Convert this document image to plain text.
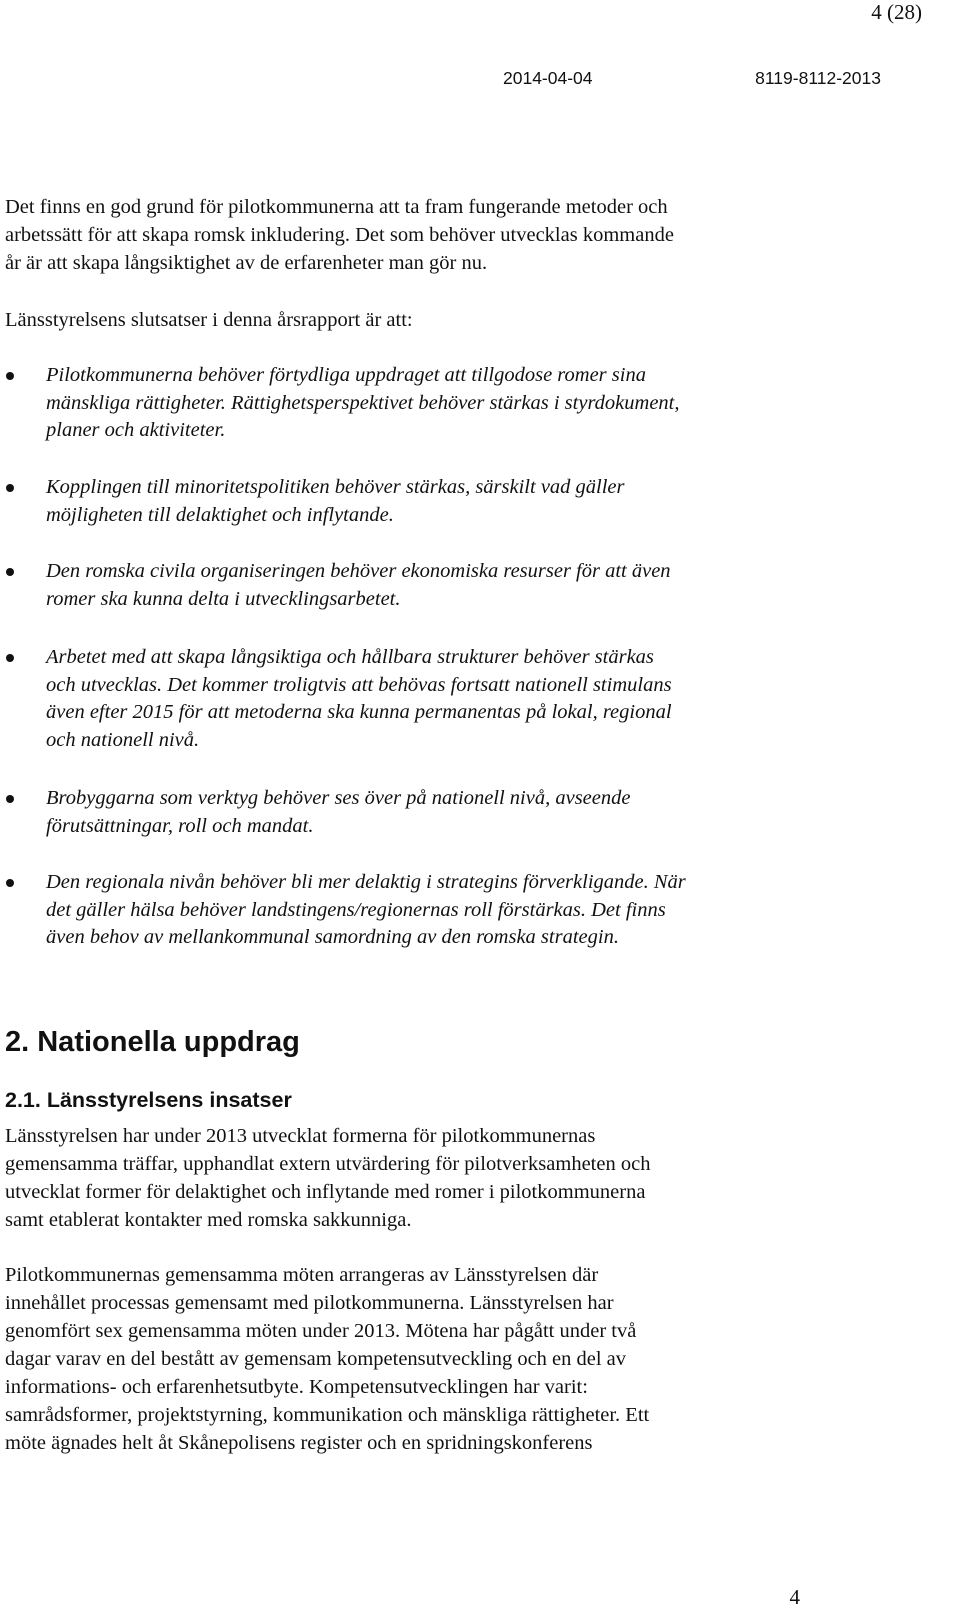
4 (28)
2014-04-04	8119-8112-2013

Det finns en god grund för pilotkommunerna att ta fram fungerande metoder och
arbetssätt för att skapa romsk inkludering. Det som behöver utvecklas kommande
år är att skapa långsiktighet av de erfarenheter man gör nu.

Länsstyrelsens slutsatser i denna årsrapport är att:

Pilotkommunerna behöver förtydliga uppdraget att tillgodose romer sina
mänskliga rättigheter. Rättighetsperspektivet behöver stärkas i styrdokument,
planer och aktiviteter.
Kopplingen till minoritetspolitiken behöver stärkas, särskilt vad gäller
möjligheten till delaktighet och inflytande.
Den romska civila organiseringen behöver ekonomiska resurser för att även
romer ska kunna delta i utvecklingsarbetet.
Arbetet med att skapa långsiktiga och hållbara strukturer behöver stärkas
och utvecklas. Det kommer troligtvis att behövas fortsatt nationell stimulans
även efter 2015 för att metoderna ska kunna permanentas på lokal, regional
och nationell nivå.
Brobyggarna som verktyg behöver ses över på nationell nivå, avseende
förutsättningar, roll och mandat.
Den regionala nivån behöver bli mer delaktig i strategins förverkligande. När
det gäller hälsa behöver landstingens/regionernas roll förstärkas. Det finns
även behov av mellankommunal samordning av den romska strategin.
2. Nationella uppdrag
2.1. Länsstyrelsens insatser

Länsstyrelsen har under 2013 utvecklat formerna för pilotkommunernas
gemensamma träffar, upphandlat extern utvärdering för pilotverksamheten och
utvecklat former för delaktighet och inflytande med romer i pilotkommunerna
samt etablerat kontakter med romska sakkunniga.

Pilotkommunernas gemensamma möten arrangeras av Länsstyrelsen där
innehållet processas gemensamt med pilotkommunerna. Länsstyrelsen har
genomfört sex gemensamma möten under 2013. Mötena har pågått under två
dagar varav en del bestått av gemensam kompetensutveckling och en del av
informations- och erfarenhetsutbyte. Kompetensutvecklingen har varit:
samrådsformer, projektstyrning, kommunikation och mänskliga rättigheter. Ett
möte ägnades helt åt Skånepolisens register och en spridningskonferens

4
